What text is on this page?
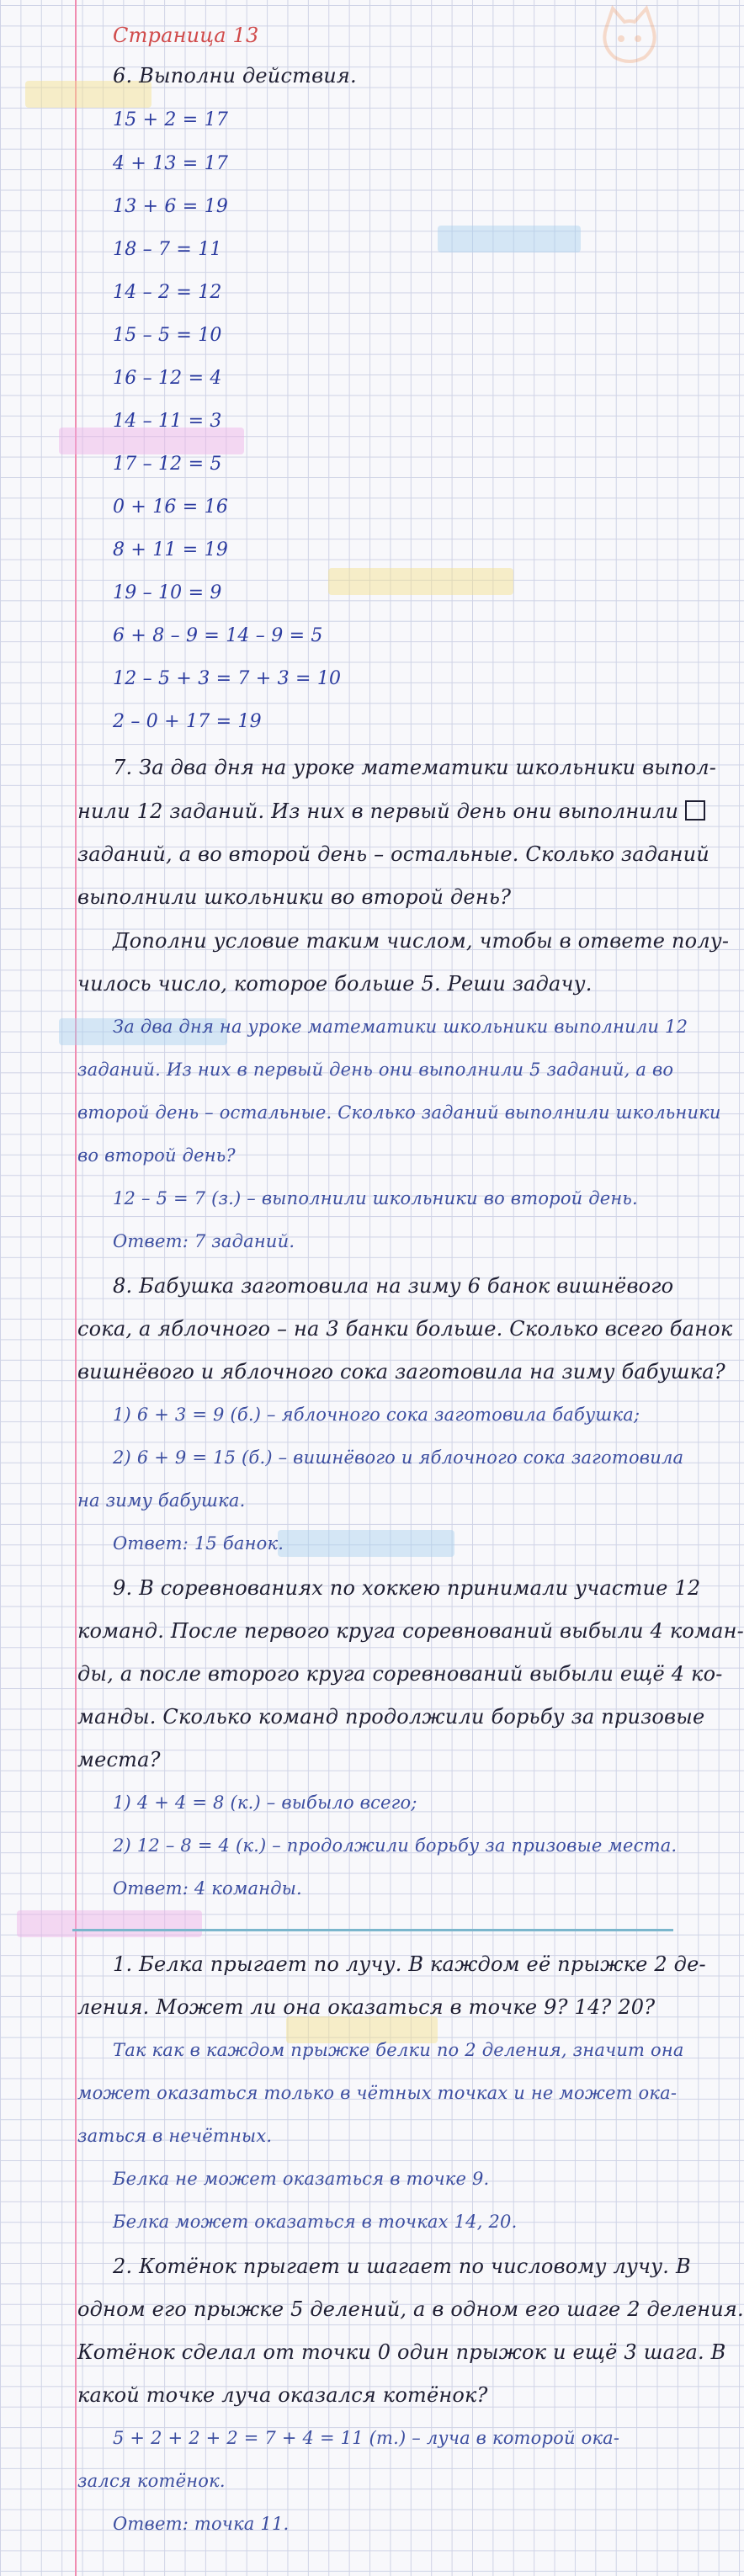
Страница 13
6. Выполни действия.
15 + 2 = 17
4 + 13 = 17
13 + 6 = 19
18 – 7 = 11
14 – 2 = 12
15 – 5 = 10
16 – 12 = 4
14 – 11 = 3
17 – 12 = 5
0 + 16 = 16
8 + 11 = 19
19 – 10 = 9
6 + 8 – 9 = 14 – 9 = 5
12 – 5 + 3 = 7 + 3 = 10
2 – 0 + 17 = 19
7. За два дня на уроке математики школьники выпол-
нили 12 заданий. Из них в первый день они выполнили
заданий, а во второй день – остальные. Сколько заданий
выполнили школьники во второй день?
Дополни условие таким числом, чтобы в ответе полу-
чилось число, которое больше 5. Реши задачу.
За два дня на уроке математики школьники выполнили 12
заданий. Из них в первый день они выполнили 5 заданий, а во
второй день – остальные. Сколько заданий выполнили школьники
во второй день?
12 – 5 = 7 (з.) – выполнили школьники во второй день.
Ответ: 7 заданий.
8. Бабушка заготовила на зиму 6 банок вишнёвого
сока, а яблочного – на 3 банки больше. Сколько всего банок
вишнёвого и яблочного сока заготовила на зиму бабушка?
1) 6 + 3 = 9 (б.) – яблочного сока заготовила бабушка;
2) 6 + 9 = 15 (б.) – вишнёвого и яблочного сока заготовила
на зиму бабушка.
Ответ: 15 банок.
9. В соревнованиях по хоккею принимали участие 12
команд. После первого круга соревнований выбыли 4 коман-
ды, а после второго круга соревнований выбыли ещё 4 ко-
манды. Сколько команд продолжили борьбу за призовые
места?
1) 4 + 4 = 8 (к.) – выбыло всего;
2) 12 – 8 = 4 (к.) – продолжили борьбу за призовые места.
Ответ: 4 команды.
1. Белка прыгает по лучу. В каждом её прыжке 2 де-
ления. Может ли она оказаться в точке 9? 14? 20?
Так как в каждом прыжке белки по 2 деления, значит она
может оказаться только в чётных точках и не может ока-
заться в нечётных.
Белка не может оказаться в точке 9.
Белка может оказаться в точках 14, 20.
2. Котёнок прыгает и шагает по числовому лучу. В
одном его прыжке 5 делений, а в одном его шаге 2 деления.
Котёнок сделал от точки 0 один прыжок и ещё 3 шага. В
какой точке луча оказался котёнок?
5 + 2 + 2 + 2 = 7 + 4 = 11 (т.) – луча в которой ока-
зался котёнок.
Ответ: точка 11.
